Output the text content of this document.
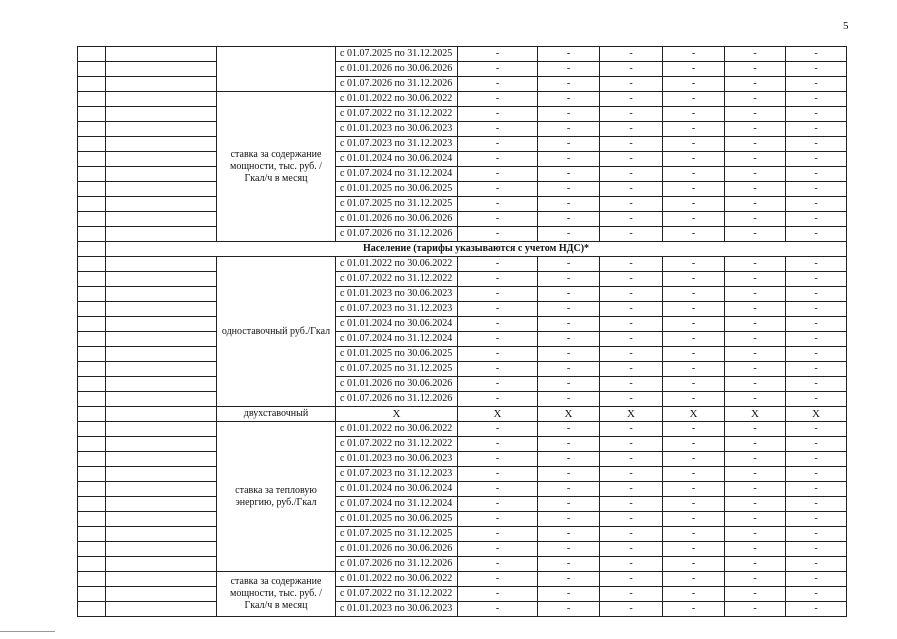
5
			с 01.07.2025 по 31.12.2025	-	-	-	-	-	-
			с 01.01.2026 по 30.06.2026	-	-	-	-	-	-
			с 01.07.2026 по 31.12.2026	-	-	-	-	-	-
		ставка за содержание мощности, тыс. руб. /Гкал/ч в месяц	с 01.01.2022 по 30.06.2022	-	-	-	-	-	-
			с 01.07.2022 по 31.12.2022	-	-	-	-	-	-
			с 01.01.2023 по 30.06.2023	-	-	-	-	-	-
			с 01.07.2023 по 31.12.2023	-	-	-	-	-	-
			с 01.01.2024 по 30.06.2024	-	-	-	-	-	-
			с 01.07.2024 по 31.12.2024	-	-	-	-	-	-
			с 01.01.2025 по 30.06.2025	-	-	-	-	-	-
			с 01.07.2025 по 31.12.2025	-	-	-	-	-	-
			с 01.01.2026 по 30.06.2026	-	-	-	-	-	-
			с 01.07.2026 по 31.12.2026	-	-	-	-	-	-
	Население (тарифы указываются с учетом НДС)*								
		одноставочный руб./Гкал	с 01.01.2022 по 30.06.2022	-	-	-	-	-	-
			с 01.07.2022 по 31.12.2022	-	-	-	-	-	-
			с 01.01.2023 по 30.06.2023	-	-	-	-	-	-
			с 01.07.2023 по 31.12.2023	-	-	-	-	-	-
			с 01.01.2024 по 30.06.2024	-	-	-	-	-	-
			с 01.07.2024 по 31.12.2024	-	-	-	-	-	-
			с 01.01.2025 по 30.06.2025	-	-	-	-	-	-
			с 01.07.2025 по 31.12.2025	-	-	-	-	-	-
			с 01.01.2026 по 30.06.2026	-	-	-	-	-	-
			с 01.07.2026 по 31.12.2026	-	-	-	-	-	-
		двухставочный	X	X	X	X	X	X	X
		ставка за тепловую энергию, руб./Гкал	с 01.01.2022 по 30.06.2022	-	-	-	-	-	-
			с 01.07.2022 по 31.12.2022	-	-	-	-	-	-
			с 01.01.2023 по 30.06.2023	-	-	-	-	-	-
			с 01.07.2023 по 31.12.2023	-	-	-	-	-	-
			с 01.01.2024 по 30.06.2024	-	-	-	-	-	-
			с 01.07.2024 по 31.12.2024	-	-	-	-	-	-
			с 01.01.2025 по 30.06.2025	-	-	-	-	-	-
			с 01.07.2025 по 31.12.2025	-	-	-	-	-	-
			с 01.01.2026 по 30.06.2026	-	-	-	-	-	-
			с 01.07.2026 по 31.12.2026	-	-	-	-	-	-
		ставка за содержание мощности, тыс. руб. /Гкал/ч в месяц	с 01.01.2022 по 30.06.2022	-	-	-	-	-	-
			с 01.07.2022 по 31.12.2022	-	-	-	-	-	-
			с 01.01.2023 по 30.06.2023	-	-	-	-	-	-
